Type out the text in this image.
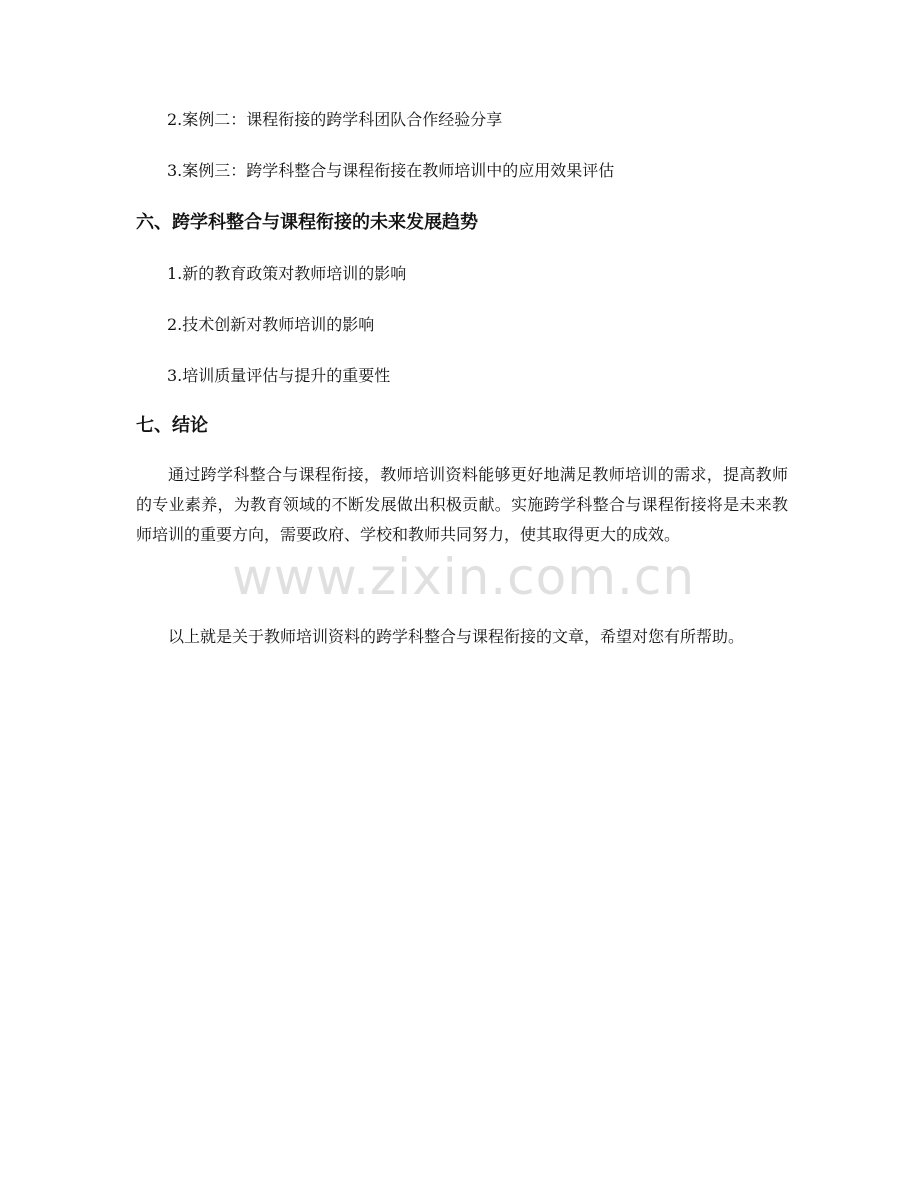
2.案例二：课程衔接的跨学科团队合作经验分享
3.案例三：跨学科整合与课程衔接在教师培训中的应用效果评估
六、跨学科整合与课程衔接的未来发展趋势
1.新的教育政策对教师培训的影响
2.技术创新对教师培训的影响
3.培训质量评估与提升的重要性
七、结论

通过跨学科整合与课程衔接，教师培训资料能够更好地满足教师培训的需求，提高教师的专业素养，为教育领域的不断发展做出积极贡献。实施跨学科整合与课程衔接将是未来教师培训的重要方向，需要政府、学校和教师共同努力，使其取得更大的成效。

以上就是关于教师培训资料的跨学科整合与课程衔接的文章，希望对您有所帮助。

www.zixin.com.cn
